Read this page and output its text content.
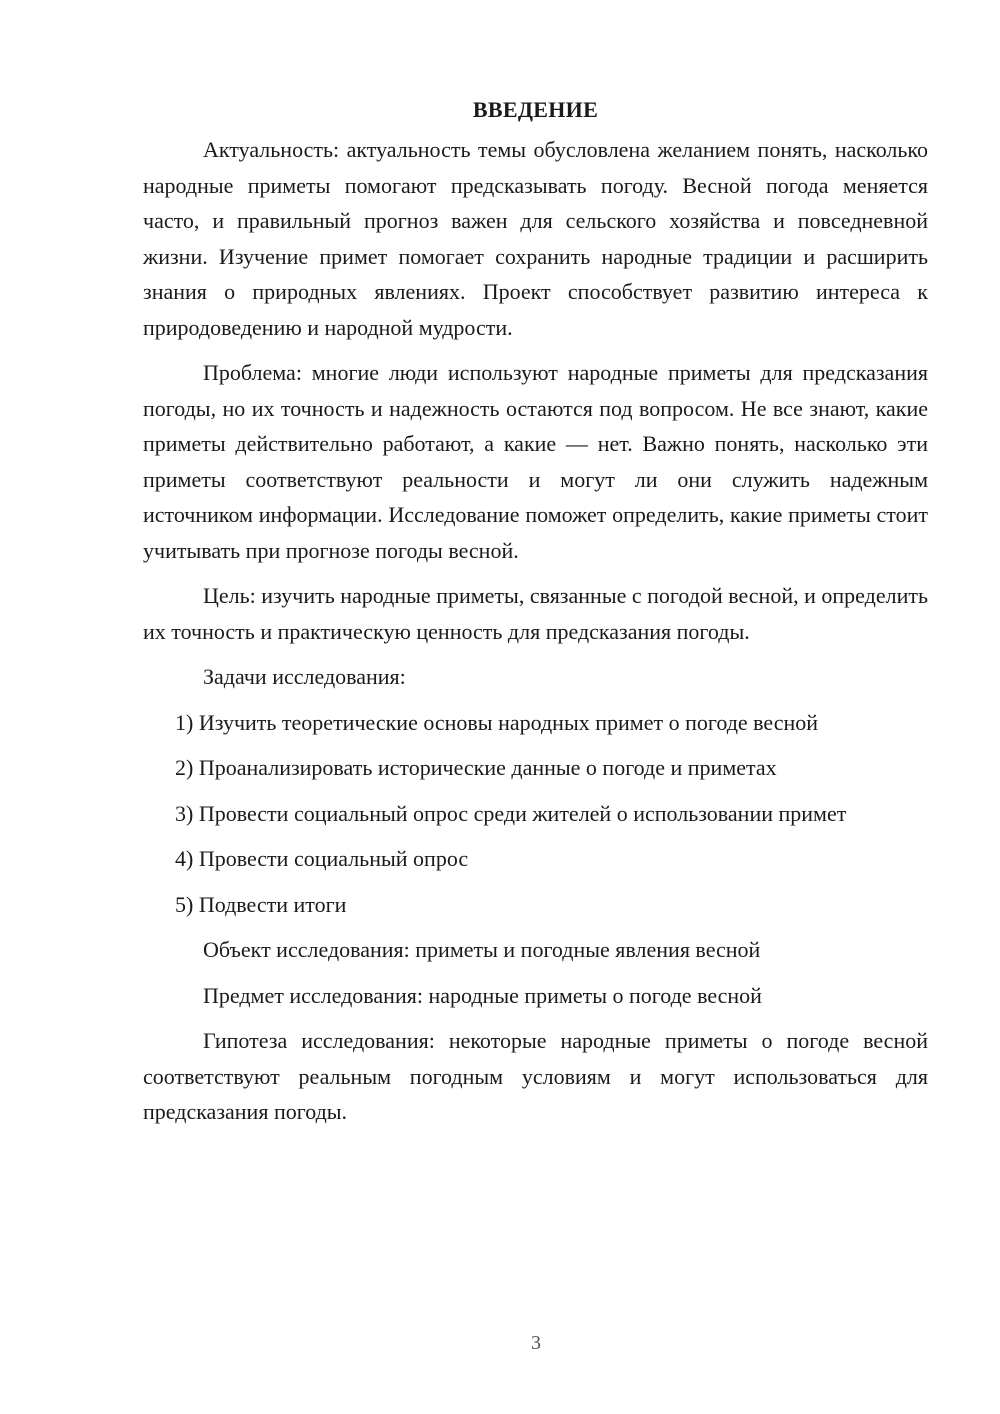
ВВЕДЕНИЕ

Актуальность: актуальность темы обусловлена желанием понять, насколько народные приметы помогают предсказывать погоду. Весной погода меняется часто, и правильный прогноз важен для сельского хозяйства и повседневной жизни. Изучение примет помогает сохранить народные традиции и расширить знания о природных явлениях. Проект способствует развитию интереса к природоведению и народной мудрости.

Проблема: многие люди используют народные приметы для предсказания погоды, но их точность и надежность остаются под вопросом. Не все знают, какие приметы действительно работают, а какие — нет. Важно понять, насколько эти приметы соответствуют реальности и могут ли они служить надежным источником информации. Исследование поможет определить, какие приметы стоит учитывать при прогнозе погоды весной.

Цель: изучить народные приметы, связанные с погодой весной, и определить их точность и практическую ценность для предсказания погоды.

Задачи исследования:

1) Изучить теоретические основы народных примет о погоде весной

2) Проанализировать исторические данные о погоде и приметах

3) Провести социальный опрос среди жителей о использовании примет

4) Провести социальный опрос

5) Подвести итоги

Объект исследования: приметы и погодные явления весной

Предмет исследования: народные приметы о погоде весной

Гипотеза исследования: некоторые народные приметы о погоде весной соответствуют реальным погодным условиям и могут использоваться для предсказания погоды.

3
